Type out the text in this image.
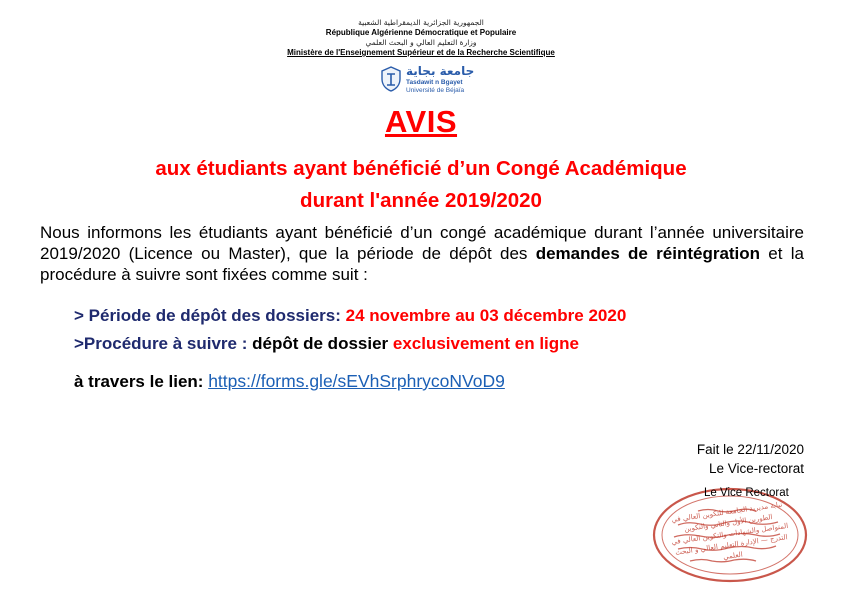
الجمهورية الجزائرية الديمقراطية الشعبية
République Algérienne Démocratique et Populaire
وزارة التعليم العالي و البحث العلمي
Ministère de l'Enseignement Supérieur et de la Recherche Scientifique
جامعة بجاية
Tasdawit n Bgayet
Université de Béjaïa
AVIS
aux étudiants ayant bénéficié d’un Congé Académique
durant l'année 2019/2020
Nous informons les étudiants ayant bénéficié d’un congé académique durant l’année universitaire 2019/2020 (Licence ou Master), que la période de dépôt des demandes de réintégration et la procédure à suivre sont fixées comme suit :
> Période de dépôt des dossiers: 24 novembre au 03 décembre 2020
>Procédure à suivre : dépôt de dossier exclusivement en ligne
à travers le lien: https://forms.gle/sEVhSrphrycoNVoD9
Fait le 22/11/2020
Le Vice-rectorat
Le Vice Rectorat
نيابة مديرية الجامعة للتكوين العالي في الطورين الأول والثاني والتكوين المتواصل والشهادات والتكوين العالي في التدرج — الإدارة التعليم العالي و البحث العلمي
